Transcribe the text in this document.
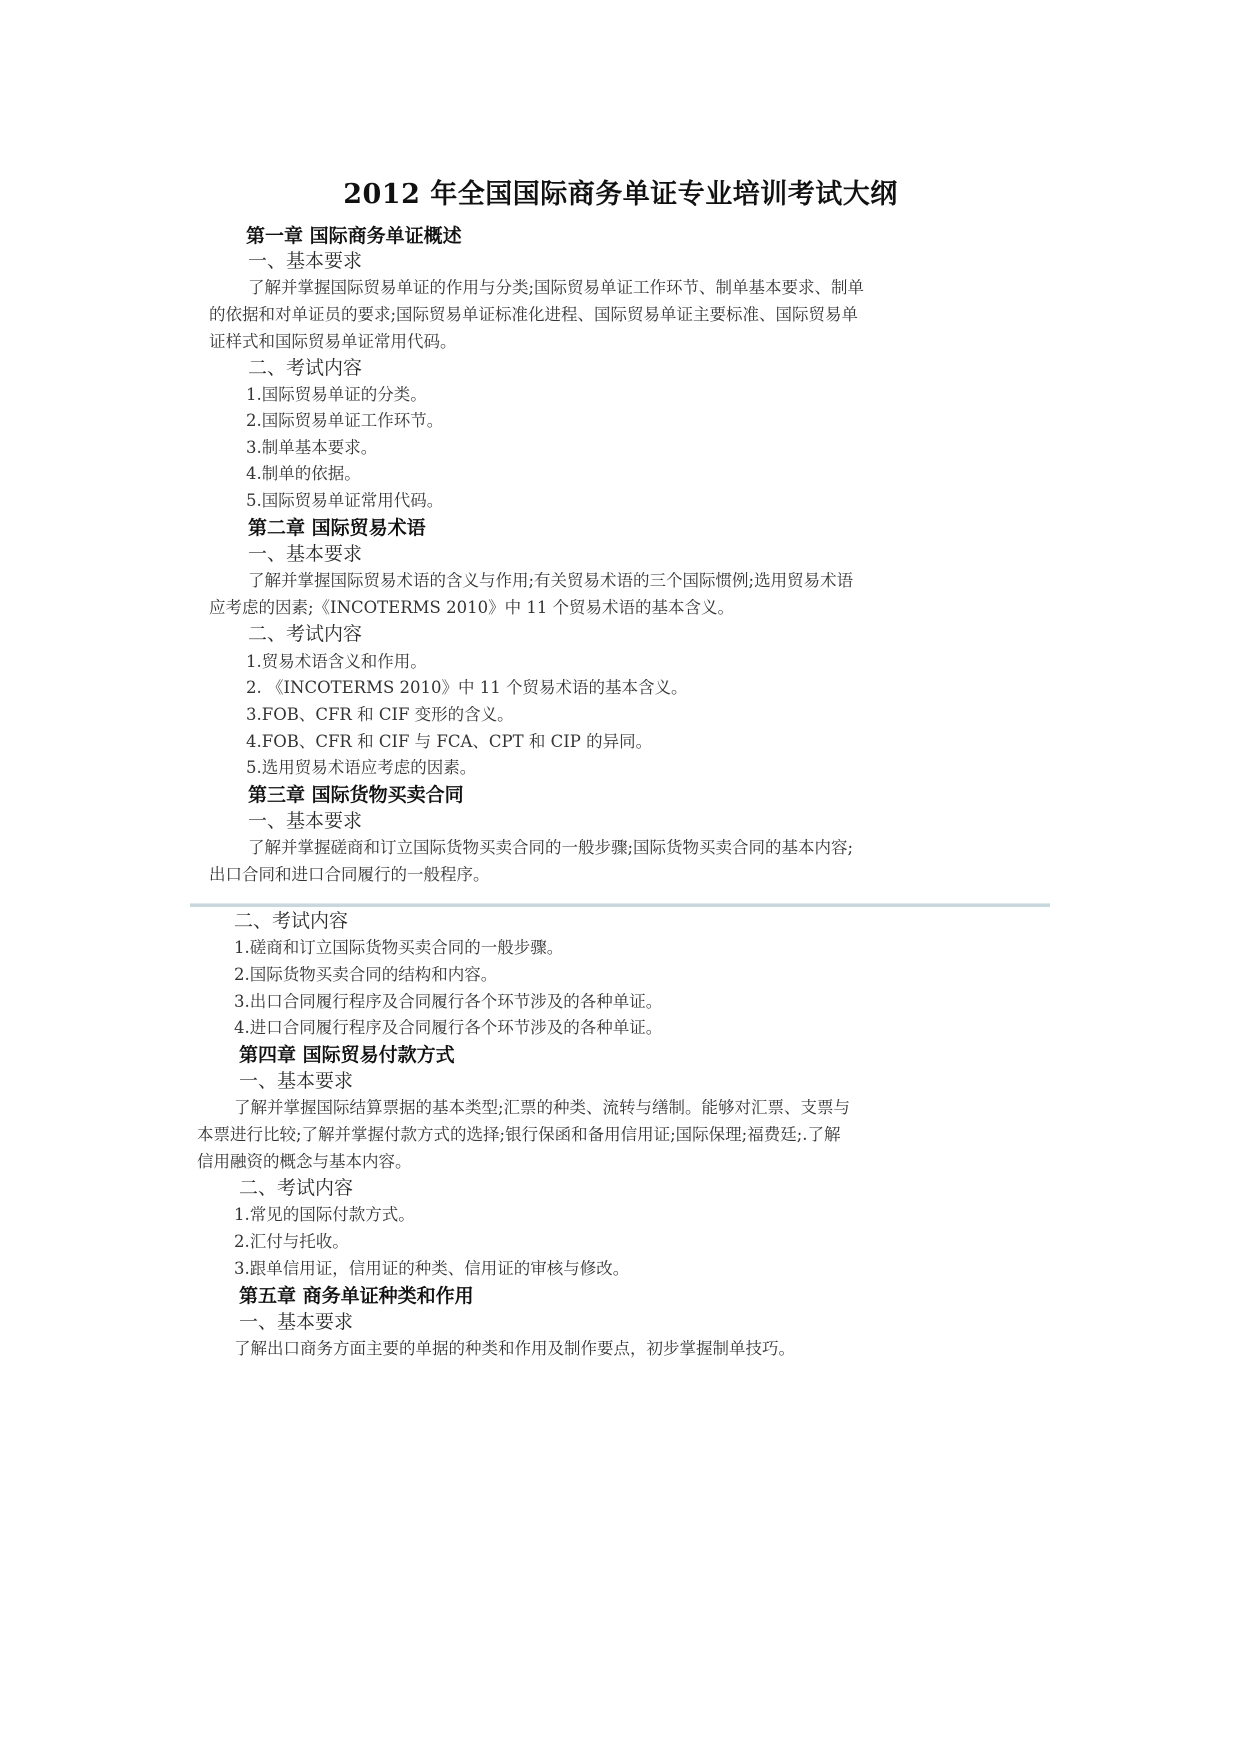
2012 年全国国际商务单证专业培训考试大纲
第一章 国际商务单证概述
一、基本要求
了解并掌握国际贸易单证的作用与分类;国际贸易单证工作环节、制单基本要求、制单
的依据和对单证员的要求;国际贸易单证标准化进程、国际贸易单证主要标准、国际贸易单
证样式和国际贸易单证常用代码。
二、考试内容
1.国际贸易单证的分类。
2.国际贸易单证工作环节。
3.制单基本要求。
4.制单的依据。
5.国际贸易单证常用代码。
第二章 国际贸易术语
一、基本要求
了解并掌握国际贸易术语的含义与作用;有关贸易术语的三个国际惯例;选用贸易术语
应考虑的因素;《INCOTERMS 2010》中 11 个贸易术语的基本含义。
二、考试内容
1.贸易术语含义和作用。
2. 《INCOTERMS 2010》中 11 个贸易术语的基本含义。
3.FOB、CFR 和 CIF 变形的含义。
4.FOB、CFR 和 CIF 与 FCA、CPT 和 CIP 的异同。
5.选用贸易术语应考虑的因素。
第三章 国际货物买卖合同
一、基本要求
了解并掌握磋商和订立国际货物买卖合同的一般步骤;国际货物买卖合同的基本内容;
出口合同和进口合同履行的一般程序。
二、考试内容
1.磋商和订立国际货物买卖合同的一般步骤。
2.国际货物买卖合同的结构和内容。
3.出口合同履行程序及合同履行各个环节涉及的各种单证。
4.进口合同履行程序及合同履行各个环节涉及的各种单证。
第四章 国际贸易付款方式
一、基本要求
了解并掌握国际结算票据的基本类型;汇票的种类、流转与缮制。能够对汇票、支票与
本票进行比较;了解并掌握付款方式的选择;银行保函和备用信用证;国际保理;福费廷;.了解
信用融资的概念与基本内容。
二、考试内容
1.常见的国际付款方式。
2.汇付与托收。
3.跟单信用证，信用证的种类、信用证的审核与修改。
第五章 商务单证种类和作用
一、基本要求
了解出口商务方面主要的单据的种类和作用及制作要点，初步掌握制单技巧。
